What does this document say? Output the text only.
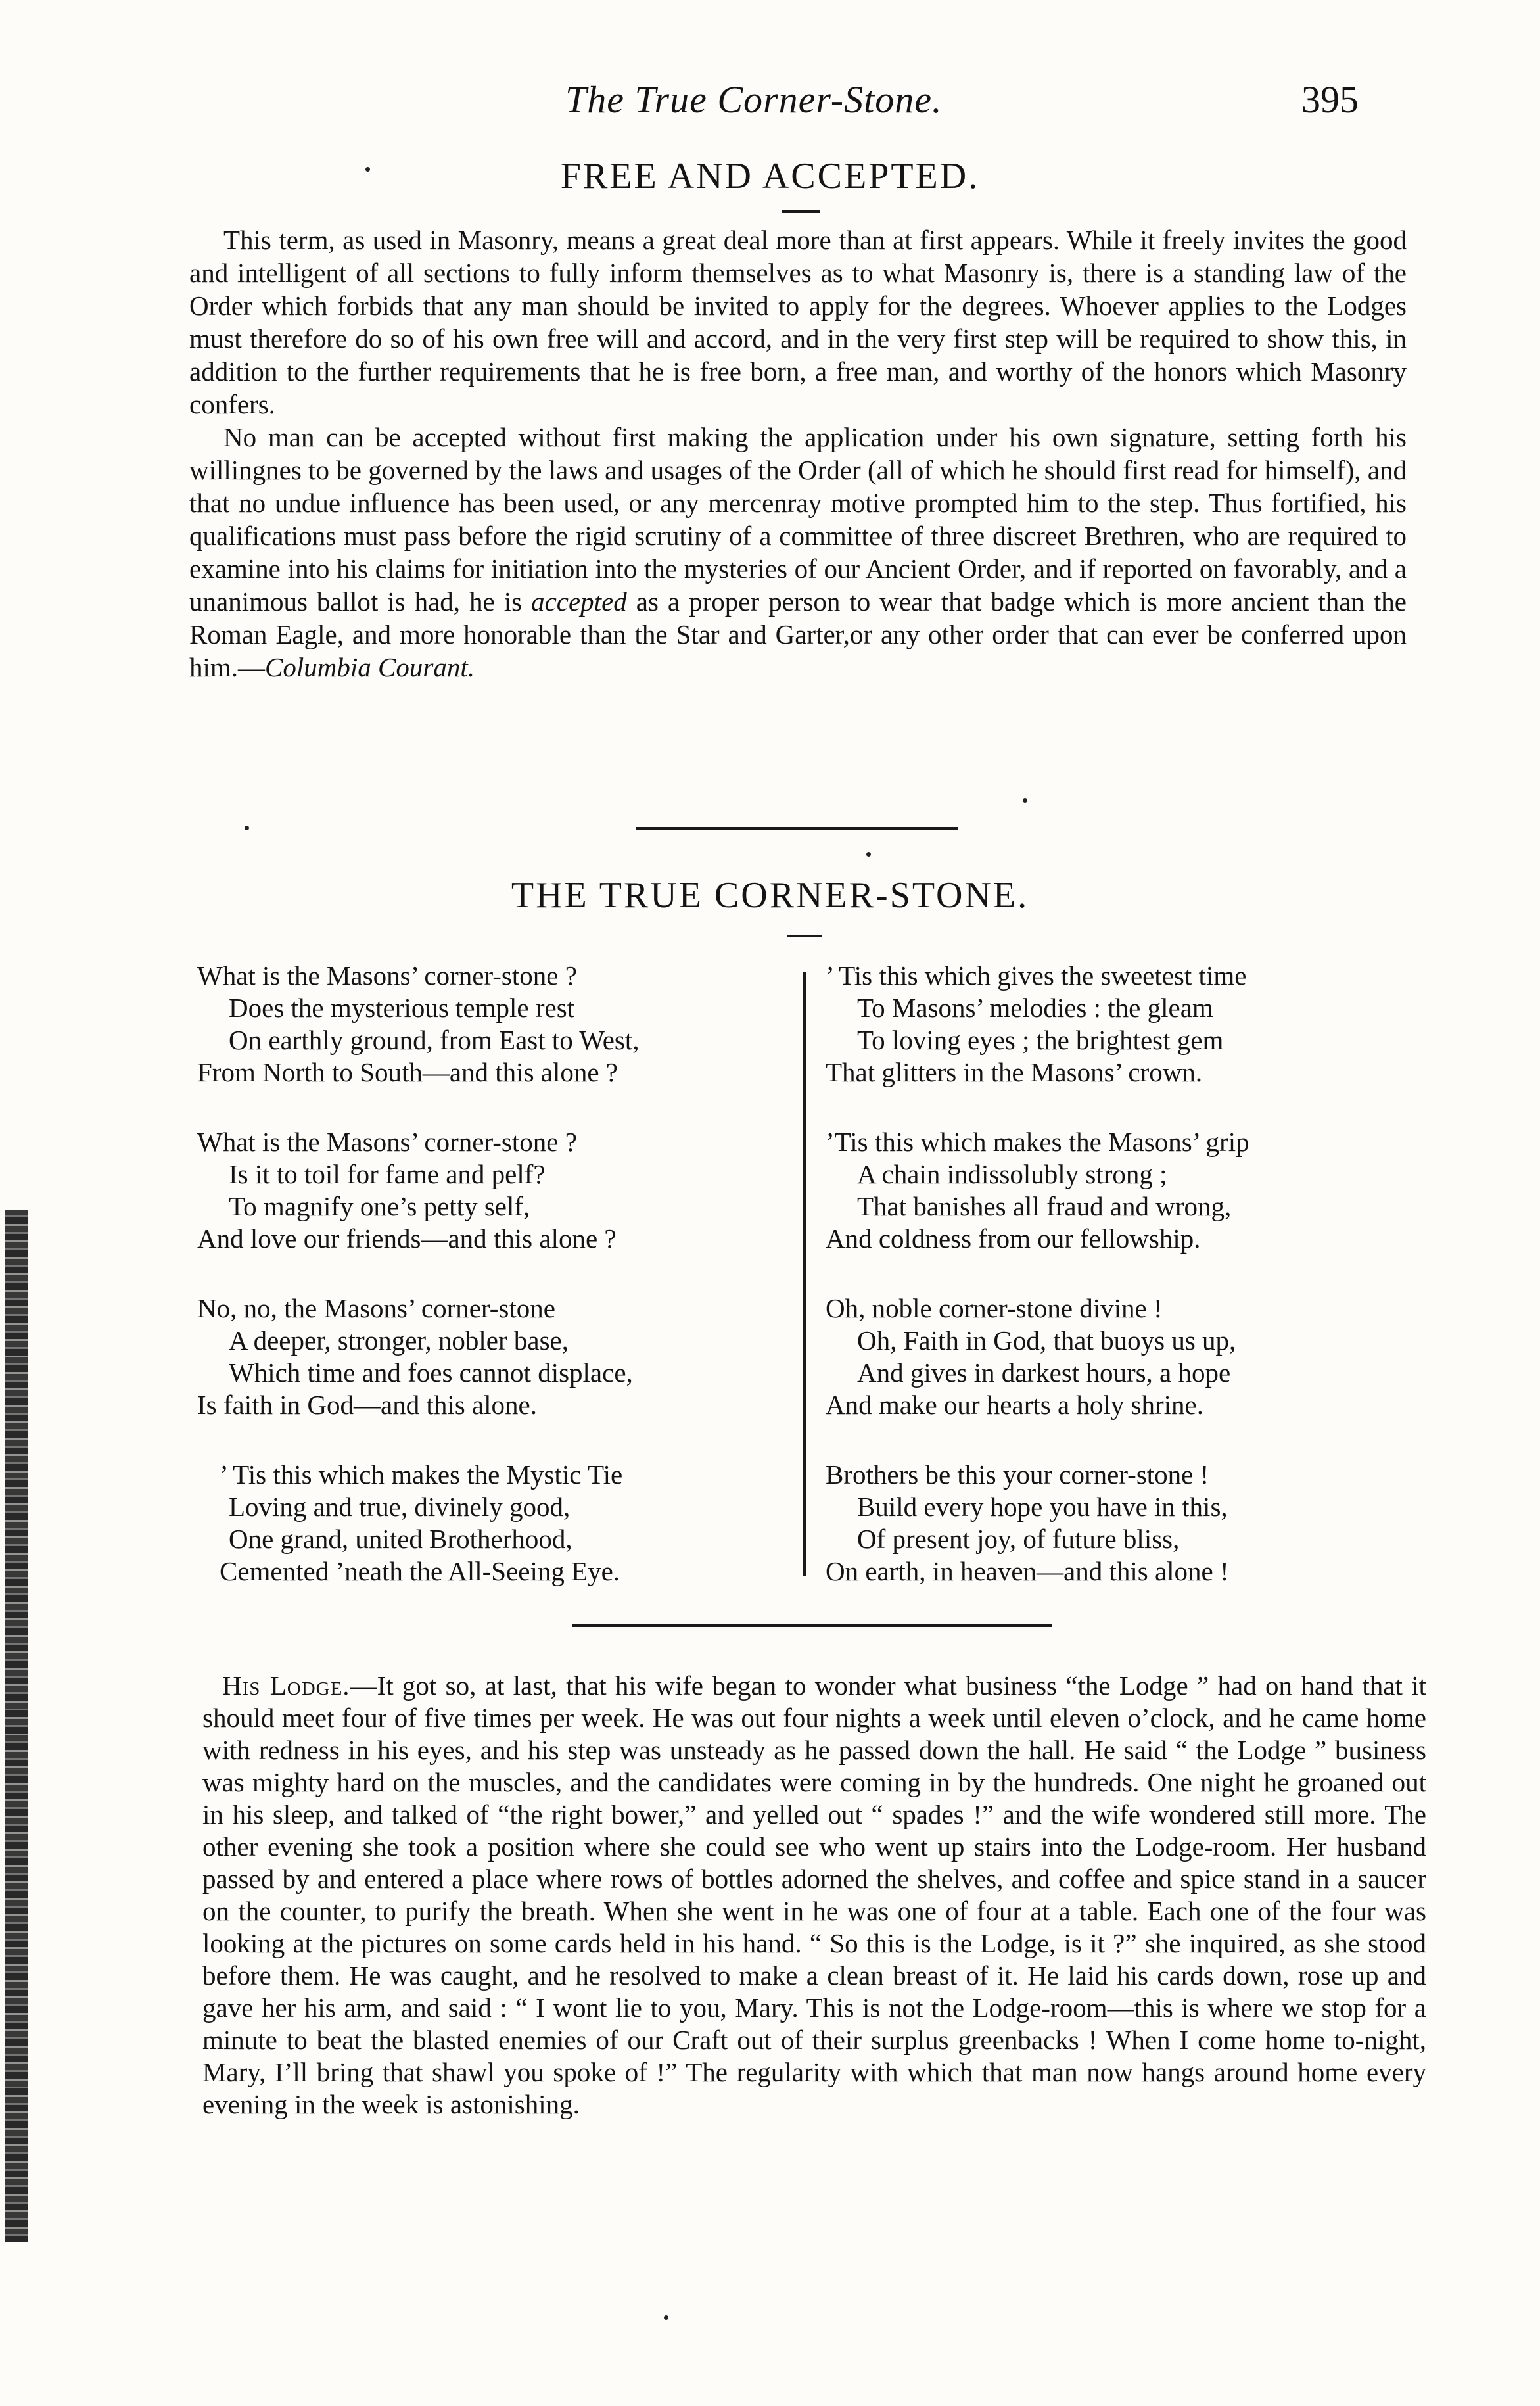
The True Corner-Stone.	395
FREE AND ACCEPTED.

This term, as used in Masonry, means a great deal more than at first appears. While it freely invites the good and intelligent of all sections to fully inform themselves as to what Masonry is, there is a standing law of the Order which forbids that any man should be invited to apply for the degrees. Whoever applies to the Lodges must therefore do so of his own free will and accord, and in the very first step will be required to show this, in addition to the further requirements that he is free born, a free man, and worthy of the honors which Masonry confers.

No man can be accepted without first making the application under his own signature, setting forth his willingnes to be governed by the laws and usages of the Order (all of which he should first read for himself), and that no undue influence has been used, or any mercenray motive prompted him to the step. Thus fortified, his qualifications must pass before the rigid scrutiny of a committee of three discreet Brethren, who are required to examine into his claims for initiation into the mysteries of our Ancient Order, and if reported on favorably, and a unanimous ballot is had, he is accepted as a proper person to wear that badge which is more ancient than the Roman Eagle, and more honorable than the Star and Garter,or any other order that can ever be conferred upon him.—Columbia Courant.

THE TRUE CORNER-STONE.
What is the Masons’ corner-stone ?
Does the mysterious temple rest
On earthly ground, from East to West,
From North to South—and this alone ?
What is the Masons’ corner-stone ?
Is it to toil for fame and pelf?
To magnify one’s petty self,
And love our friends—and this alone ?
No, no, the Masons’ corner-stone
A deeper, stronger, nobler base,
Which time and foes cannot displace,
Is faith in God—and this alone.
’ Tis this which makes the Mystic Tie
Loving and true, divinely good,
One grand, united Brotherhood,
Cemented ’neath the All-Seeing Eye.
’ Tis this which gives the sweetest time
To Masons’ melodies : the gleam
To loving eyes ; the brightest gem
That glitters in the Masons’ crown.
’Tis this which makes the Masons’ grip
A chain indissolubly strong ;
That banishes all fraud and wrong,
And coldness from our fellowship.
Oh, noble corner-stone divine !
Oh, Faith in God, that buoys us up,
And gives in darkest hours, a hope
And make our hearts a holy shrine.
Brothers be this your corner-stone !
Build every hope you have in this,
Of present joy, of future bliss,
On earth, in heaven—and this alone !

His Lodge.—It got so, at last, that his wife began to wonder what business “the Lodge ” had on hand that it should meet four of five times per week. He was out four nights a week until eleven o’clock, and he came home with redness in his eyes, and his step was unsteady as he passed down the hall. He said “ the Lodge ” business was mighty hard on the muscles, and the candidates were coming in by the hundreds. One night he groaned out in his sleep, and talked of “the right bower,” and yelled out “ spades !” and the wife wondered still more. The other evening she took a position where she could see who went up stairs into the Lodge-room. Her husband passed by and entered a place where rows of bottles adorned the shelves, and coffee and spice stand in a saucer on the counter, to purify the breath. When she went in he was one of four at a table. Each one of the four was looking at the pictures on some cards held in his hand. “ So this is the Lodge, is it ?” she inquired, as she stood before them. He was caught, and he resolved to make a clean breast of it. He laid his cards down, rose up and gave her his arm, and said : “ I wont lie to you, Mary. This is not the Lodge-room—this is where we stop for a minute to beat the blasted enemies of our Craft out of their surplus greenbacks ! When I come home to-night, Mary, I’ll bring that shawl you spoke of !” The regularity with which that man now hangs around home every evening in the week is astonishing.
